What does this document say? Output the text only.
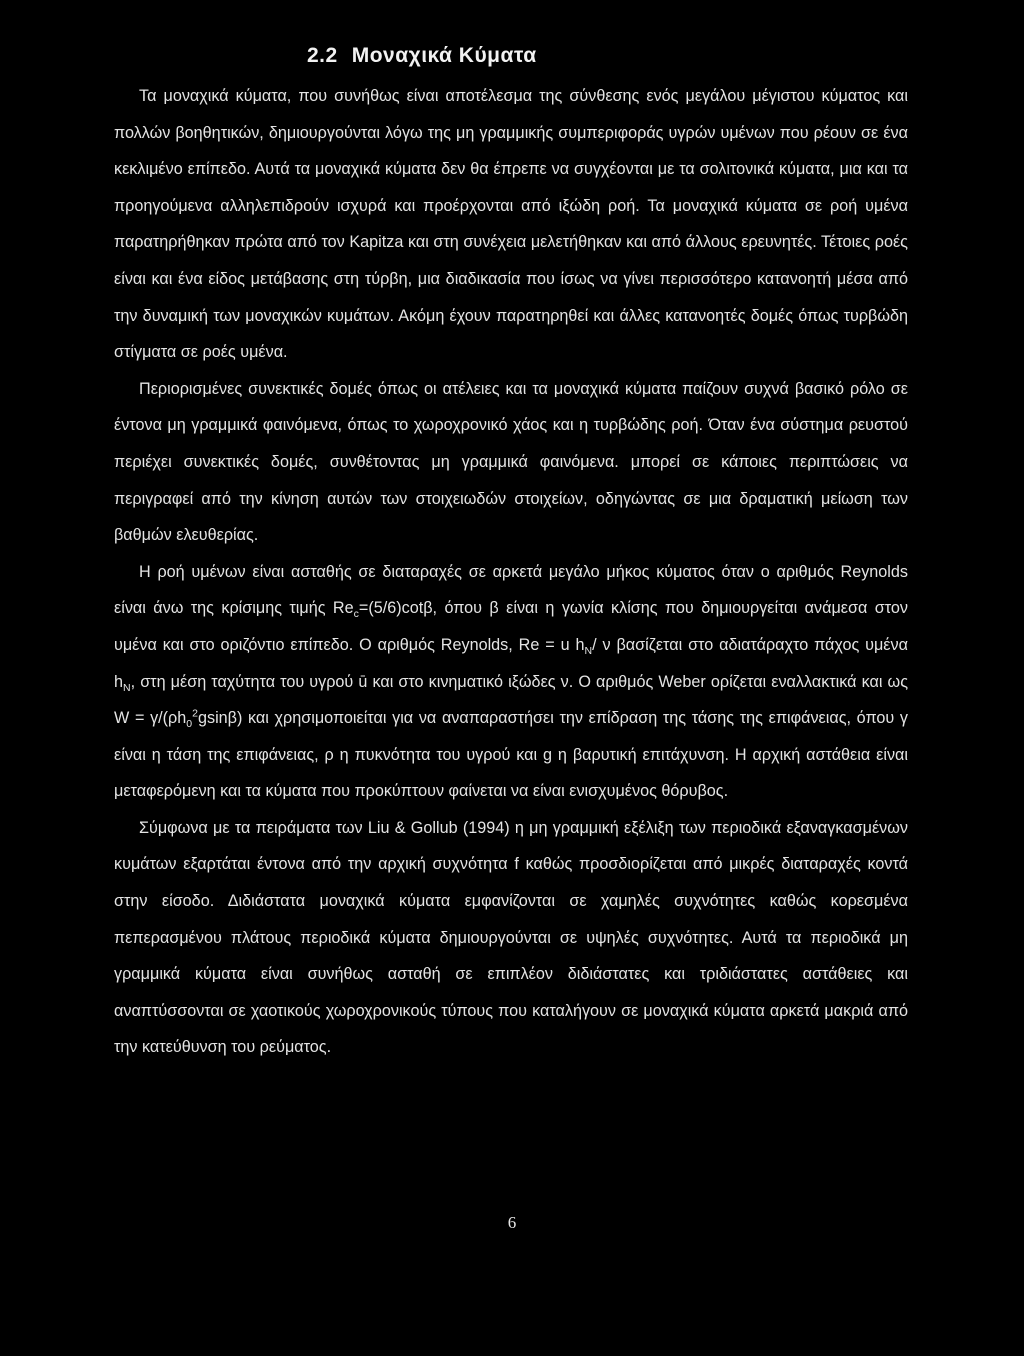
2.2 Μοναχικά Κύματα

Τα μοναχικά κύματα, που συνήθως είναι αποτέλεσμα της σύνθεσης ενός μεγάλου μέγιστου κύματος και πολλών βοηθητικών, δημιουργούνται λόγω της μη γραμμικής συμπεριφοράς υγρών υμένων που ρέουν σε ένα κεκλιμένο επίπεδο. Αυτά τα μοναχικά κύματα δεν θα έπρεπε να συγχέονται με τα σολιτονικά κύματα, μια και τα προηγούμενα αλληλεπιδρούν ισχυρά και προέρχονται από ιξώδη ροή. Τα μοναχικά κύματα σε ροή υμένα παρατηρήθηκαν πρώτα από τον Kapitza και στη συνέχεια μελετήθηκαν και από άλλους ερευνητές. Τέτοιες ροές είναι και ένα είδος μετάβασης στη τύρβη, μια διαδικασία που ίσως να γίνει περισσότερο κατανοητή μέσα από την δυναμική των μοναχικών κυμάτων. Ακόμη έχουν παρατηρηθεί και άλλες κατανοητές δομές όπως τυρβώδη στίγματα σε ροές υμένα.

Περιορισμένες συνεκτικές δομές όπως οι ατέλειες και τα μοναχικά κύματα παίζουν συχνά βασικό ρόλο σε έντονα μη γραμμικά φαινόμενα, όπως το χωροχρονικό χάος και η τυρβώδης ροή. Όταν ένα σύστημα ρευστού περιέχει συνεκτικές δομές, συνθέτοντας μη γραμμικά φαινόμενα. μπορεί σε κάποιες περιπτώσεις να περιγραφεί από την κίνηση αυτών των στοιχειωδών στοιχείων, οδηγώντας σε μια δραματική μείωση των βαθμών ελευθερίας.

Η ροή υμένων είναι ασταθής σε διαταραχές σε αρκετά μεγάλο μήκος κύματος όταν ο αριθμός Reynolds είναι άνω της κρίσιμης τιμής $Re_c=(5/6)\cot\beta$, όπου β είναι η γωνία κλίσης που δημιουργείται ανάμεσα στον υμένα και στο οριζόντιο επίπεδο. Ο αριθμός Reynolds, Re = u $h_N/$ ν βασίζεται στο αδιατάραχτο πάχος υμένα $h_N$, στη μέση ταχύτητα του υγρού ū και στο κινηματικό ιξώδες ν. Ο αριθμός Weber ορίζεται εναλλακτικά και ως $W = \gamma/(\rho h_0^2gsin\beta)$ και χρησιμοποιείται για να αναπαραστήσει την επίδραση της τάσης της επιφάνειας, όπου γ είναι η τάση της επιφάνειας, ρ η πυκνότητα του υγρού και g η βαρυτική επιτάχυνση. Η αρχική αστάθεια είναι μεταφερόμενη και τα κύματα που προκύπτουν φαίνεται να είναι ενισχυμένος θόρυβος.

Σύμφωνα με τα πειράματα των Liu & Gollub (1994) η μη γραμμική εξέλιξη των περιοδικά εξαναγκασμένων κυμάτων εξαρτάται έντονα από την αρχική συχνότητα f καθώς προσδιορίζεται από μικρές διαταραχές κοντά στην είσοδο. Διδιάστατα μοναχικά κύματα εμφανίζονται σε χαμηλές συχνότητες καθώς κορεσμένα πεπερασμένου πλάτους περιοδικά κύματα δημιουργούνται σε υψηλές συχνότητες. Αυτά τα περιοδικά μη γραμμικά κύματα είναι συνήθως ασταθή σε επιπλέον διδιάστατες και τριδιάστατες αστάθειες και αναπτύσσονται σε χαοτικούς χωροχρονικούς τύπους που καταλήγουν σε μοναχικά κύματα αρκετά μακριά από την κατεύθυνση του ρεύματος.

6
